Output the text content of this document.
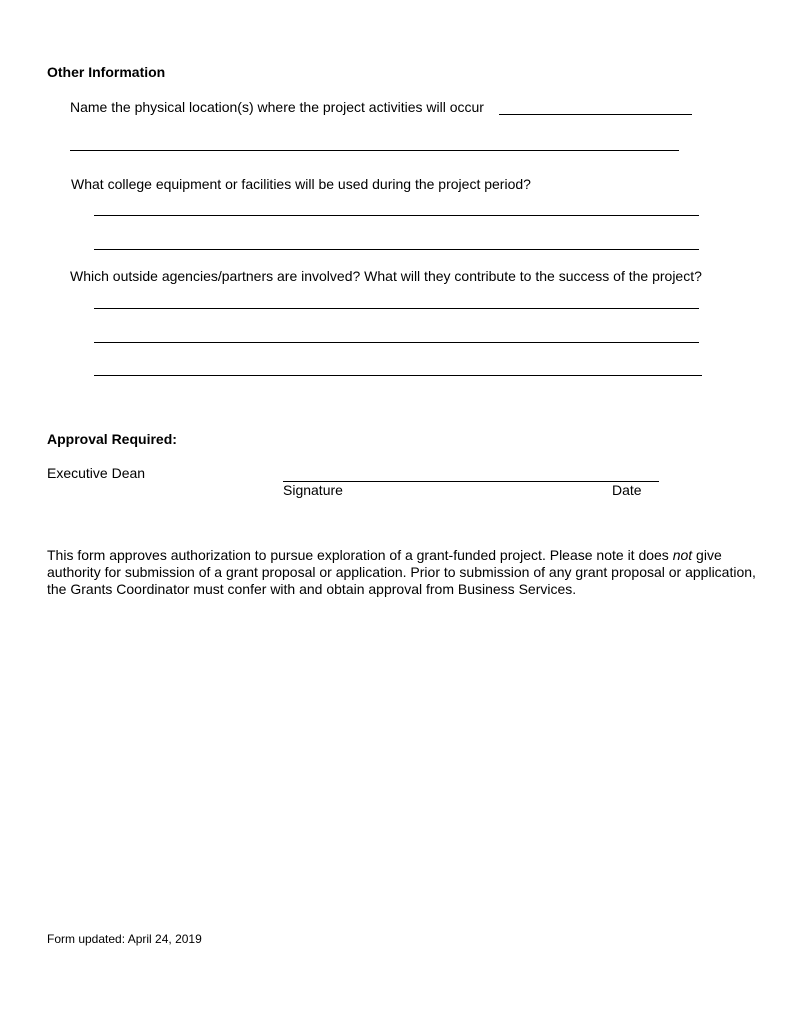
Other Information
Name the physical location(s) where the project activities will occur
What college equipment or facilities will be used during the project period?
Which outside agencies/partners are involved? What will they contribute to the success of the project?
Approval Required:
Executive Dean
Signature	Date
This form approves authorization to pursue exploration of a grant-funded project. Please note it does not give authority for submission of a grant proposal or application. Prior to submission of any grant proposal or application, the Grants Coordinator must confer with and obtain approval from Business Services.
Form updated: April 24, 2019
